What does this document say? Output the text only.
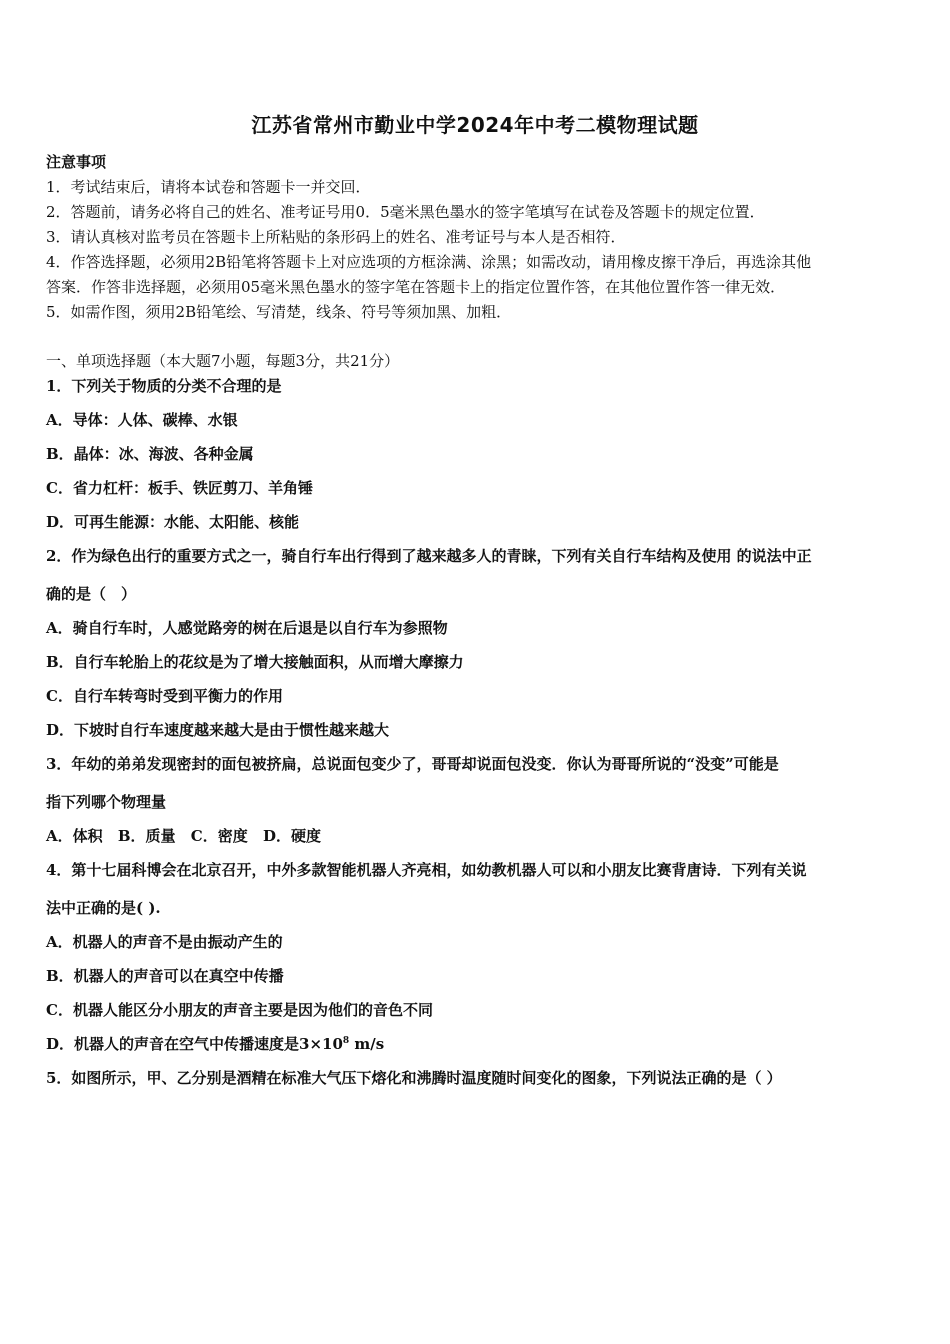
江苏省常州市勤业中学2024年中考二模物理试题
注意事项
1．考试结束后，请将本试卷和答题卡一并交回．
2．答题前，请务必将自己的姓名、准考证号用0．5毫米黑色墨水的签字笔填写在试卷及答题卡的规定位置．
3．请认真核对监考员在答题卡上所粘贴的条形码上的姓名、准考证号与本人是否相符．
4．作答选择题，必须用2B铅笔将答题卡上对应选项的方框涂满、涂黑；如需改动，请用橡皮擦干净后，再选涂其他
答案．作答非选择题，必须用05毫米黑色墨水的签字笔在答题卡上的指定位置作答，在其他位置作答一律无效．
5．如需作图，须用2B铅笔绘、写清楚，线条、符号等须加黑、加粗．
一、单项选择题（本大题7小题，每题3分，共21分）
1．下列关于物质的分类不合理的是
A．导体：人体、碳棒、水银
B．晶体：冰、海波、各种金属
C．省力杠杆：板手、铁匠剪刀、羊角锤
D．可再生能源：水能、太阳能、核能
2．作为绿色出行的重要方式之一，骑自行车出行得到了越来越多人的青睐，下列有关自行车结构及使用 的说法中正
确的是（　）
A．骑自行车时，人感觉路旁的树在后退是以自行车为参照物
B．自行车轮胎上的花纹是为了增大接触面积，从而增大摩擦力
C．自行车转弯时受到平衡力的作用
D．下坡时自行车速度越来越大是由于惯性越来越大
3．年幼的弟弟发现密封的面包被挤扁，总说面包变少了，哥哥却说面包没变．你认为哥哥所说的“没变”可能是
指下列哪个物理量
A．体积 B．质量 C．密度 D．硬度
4．第十七届科博会在北京召开，中外多款智能机器人齐亮相，如幼教机器人可以和小朋友比赛背唐诗．下列有关说
法中正确的是( ).
A．机器人的声音不是由振动产生的
B．机器人的声音可以在真空中传播
C．机器人能区分小朋友的声音主要是因为他们的音色不同
D．机器人的声音在空气中传播速度是$3\times 10^8$ m/s
5．如图所示，甲、乙分别是酒精在标准大气压下熔化和沸腾时温度随时间变化的图象，下列说法正确的是（ ）
